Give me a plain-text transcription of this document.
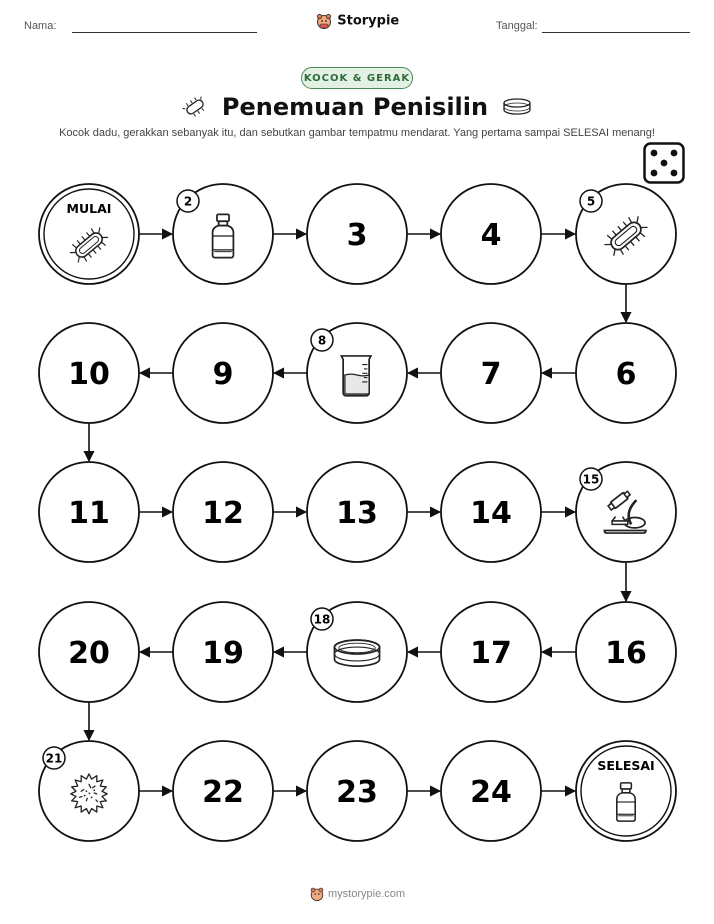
Nama:	Storypie	Tanggal:
KOCOK & GERAK
Penemuan Penisilin
Kocok dadu, gerakkan sebanyak itu, dan sebutkan gambar tempatmu mendarat. Yang pertama sampai SELESAI menang!
MULAI	2
3	4
5
6
7
8
9
10
11	12	13	14
15
16
17
18
19
20
21
22	23	24
SELESAI
mystorypie.com
